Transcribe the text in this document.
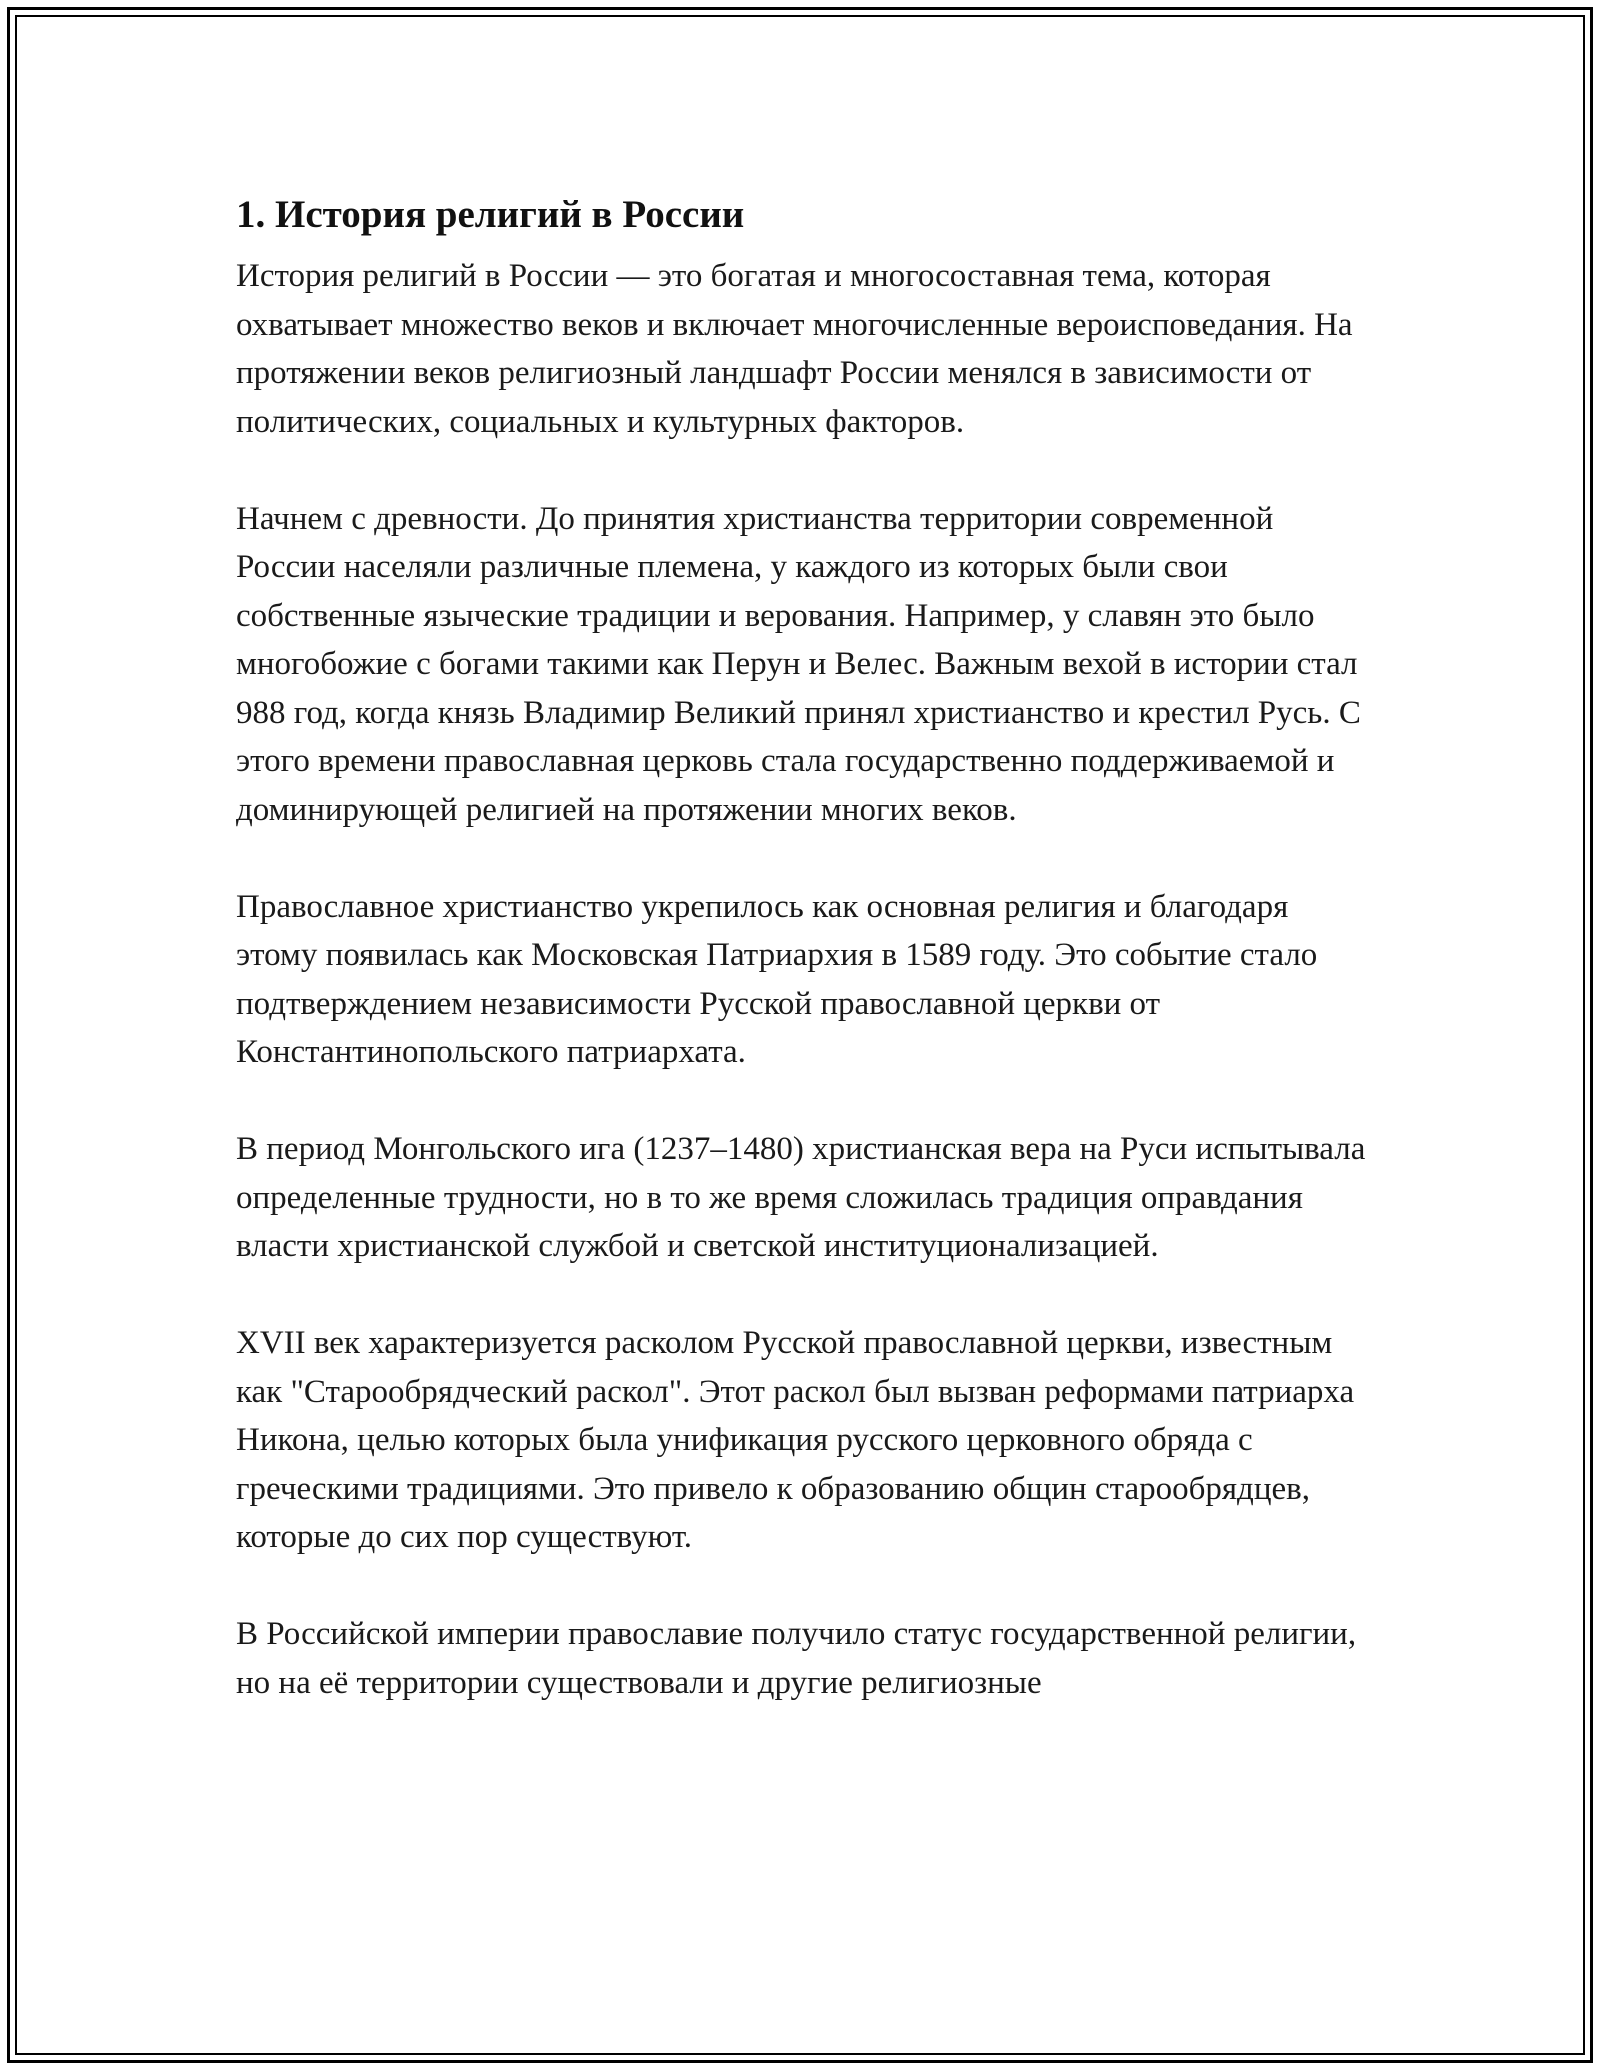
1. История религий в России

История религий в России — это богатая и многосоставная тема, которая охватывает множество веков и включает многочисленные вероисповедания. На протяжении веков религиозный ландшафт России менялся в зависимости от политических, социальных и культурных факторов.

Начнем с древности. До принятия христианства территории современной России населяли различные племена, у каждого из которых были свои собственные языческие традиции и верования. Например, у славян это было многобожие с богами такими как Перун и Велес. Важным вехой в истории стал 988 год, когда князь Владимир Великий принял христианство и крестил Русь. С этого времени православная церковь стала государственно поддерживаемой и доминирующей религией на протяжении многих веков.

Православное христианство укрепилось как основная религия и благодаря этому появилась как Московская Патриархия в 1589 году. Это событие стало подтверждением независимости Русской православной церкви от Константинопольского патриархата.

В период Монгольского ига (1237–1480) христианская вера на Руси испытывала определенные трудности, но в то же время сложилась традиция оправдания власти христианской службой и светской институционализацией.

XVII век характеризуется расколом Русской православной церкви, известным как "Старообрядческий раскол". Этот раскол был вызван реформами патриарха Никона, целью которых была унификация русского церковного обряда с греческими традициями. Это привело к образованию общин старообрядцев, которые до сих пор существуют.

В Российской империи православие получило статус государственной религии, но на её территории существовали и другие религиозные
